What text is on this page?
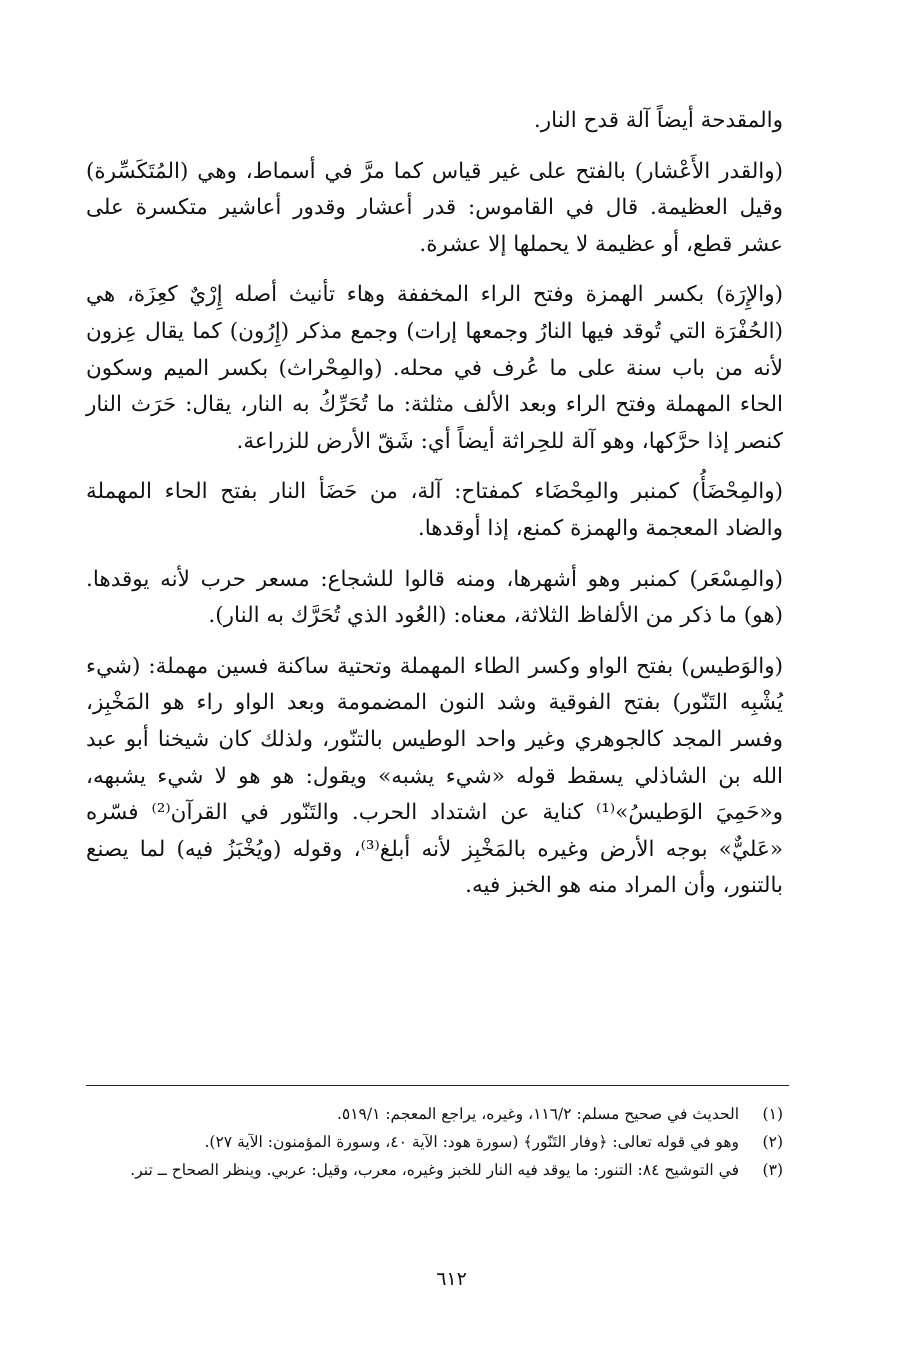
والمقدحة أيضاً آلة قدح النار.

(والقدر الأَعْشار) بالفتح على غير قياس كما مرَّ في أسماط، وهي (المُتَكَسِّرة) وقيل العظيمة. قال في القاموس: قدر أعشار وقدور أعاشير متكسرة على عشر قطع، أو عظيمة لا يحملها إلا عشرة.

(والإِرَة) بكسر الهمزة وفتح الراء المخففة وهاء تأنيث أصله إِرْيٌ كعِزَة، هي (الحُفْرَة التي تُوقد فيها النارُ وجمعها إرات) وجمع مذكر (إِرُون) كما يقال عِزون لأنه من باب سنة على ما عُرف في محله. (والمِحْراث) بكسر الميم وسكون الحاء المهملة وفتح الراء وبعد الألف مثلثة: ما تُحَرِّكُ به النار، يقال: حَرَث النار كنصر إذا حرَّكها، وهو آلة للحِراثة أيضاً أي: شَقّ الأرض للزراعة.

(والمِحْضَأُ) كمنبر والمِحْضَاء كمفتاح: آلة، من حَضَأ النار بفتح الحاء المهملة والضاد المعجمة والهمزة كمنع، إذا أوقدها.

(والمِسْعَر) كمنبر وهو أشهرها، ومنه قالوا للشجاع: مسعر حرب لأنه يوقدها. (هو) ما ذكر من الألفاظ الثلاثة، معناه: (العُود الذي تُحَرَّك به النار).

(والوَطيس) بفتح الواو وكسر الطاء المهملة وتحتية ساكنة فسين مهملة: (شيء يُشْبِه التَنّور) بفتح الفوقية وشد النون المضمومة وبعد الواو راء هو المَخْبِز، وفسر المجد كالجوهري وغير واحد الوطيس بالتنّور، ولذلك كان شيخنا أبو عبد الله بن الشاذلي يسقط قوله «شيء يشبه» ويقول: هو هو لا شيء يشبهه، و«حَمِيَ الوَطيسُ»⁽¹⁾ كناية عن اشتداد الحرب. والتَنّور في القرآن⁽²⁾ فسّره «عَليٌّ» بوجه الأرض وغيره بالمَخْبِز لأنه أبلغ⁽³⁾، وقوله (ويُخْبَزُ فيه) لما يصنع بالتنور، وأن المراد منه هو الخبز فيه.

(١)
الحديث في صحيح مسلم: ١١٦/٢، وغيره، يراجع المعجم: ٥١٩/١.
(٢)
وهو في قوله تعالى: ﴿وفار التَنّور﴾ (سورة هود: الآية ٤٠، وسورة المؤمنون: الآية ٢٧).
(٣)
في التوشيح ٨٤: التنور: ما يوقد فيه النار للخبز وغيره، معرب، وقيل: عربي. وينظر الصحاح ــ تنر.
٦١٢
